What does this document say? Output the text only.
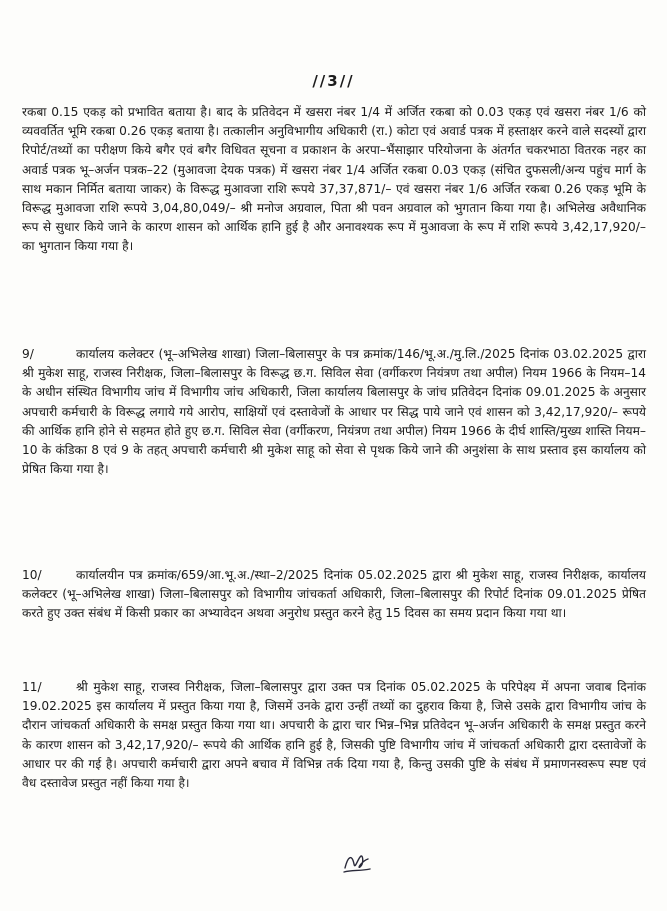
//3//

रकबा 0.15 एकड़ को प्रभावित बताया है। बाद के प्रतिवेदन में खसरा नंबर 1/4 में अर्जित रकबा को 0.03 एकड़ एवं खसरा नंबर 1/6 को व्यववर्तित भूमि रकबा 0.26 एकड़ बताया है। तत्कालीन अनुविभागीय अधिकारी (रा.) कोटा एवं अवार्ड पत्रक में हस्ताक्षर करने वाले सदस्यों द्वारा रिपोर्ट/तथ्यों का परीक्षण किये बगैर एवं बगैर विधिवत सूचना व प्रकाशन के अरपा–भैंसाझार परियोजना के अंतर्गत चकरभाठा वितरक नहर का अवार्ड पत्रक भू–अर्जन पत्रक–22 (मुआवजा देयक पत्रक) में खसरा नंबर 1/4 अर्जित रकबा 0.03 एकड़ (संचित दुफसली/अन्य पहुंच मार्ग के साथ मकान निर्मित बताया जाकर) के विरूद्ध मुआवजा राशि रूपये 37,37,871/– एवं खसरा नंबर 1/6 अर्जित रकबा 0.26 एकड़ भूमि के विरूद्ध मुआवजा राशि रूपये 3,04,80,049/– श्री मनोज अग्रवाल, पिता श्री पवन अग्रवाल को भुगतान किया गया है। अभिलेख अवैधानिक रूप से सुधार किये जाने के कारण शासन को आर्थिक हानि हुई है और अनावश्यक रूप में मुआवजा के रूप में राशि रूपये 3,42,17,920/– का भुगतान किया गया है।

9/	कार्यालय कलेक्टर (भू–अभिलेख शाखा) जिला–बिलासपुर के पत्र क्रमांक/146/भू.अ./मु.लि./2025 दिनांक 03.02.2025 द्वारा श्री मुकेश साहू, राजस्व निरीक्षक, जिला–बिलासपुर के विरूद्ध छ.ग. सिविल सेवा (वर्गीकरण नियंत्रण तथा अपील) नियम 1966 के नियम–14 के अधीन संस्थित विभागीय जांच में विभागीय जांच अधिकारी, जिला कार्यालय बिलासपुर के जांच प्रतिवेदन दिनांक 09.01.2025 के अनुसार अपचारी कर्मचारी के विरूद्ध लगाये गये आरोप, साक्षियों एवं दस्तावेजों के आधार पर सिद्ध पाये जाने एवं शासन को 3,42,17,920/– रूपये की आर्थिक हानि होने से सहमत होते हुए छ.ग. सिविल सेवा (वर्गीकरण, नियंत्रण तथा अपील) नियम 1966 के दीर्घ शास्ति/मुख्य शास्ति नियम–10 के कंडिका 8 एवं 9 के तहत् अपचारी कर्मचारी श्री मुकेश साहू को सेवा से पृथक किये जाने की अनुशंसा के साथ प्रस्ताव इस कार्यालय को प्रेषित किया गया है।

10/	कार्यालयीन पत्र क्रमांक/659/आ.भू.अ./स्था–2/2025 दिनांक 05.02.2025 द्वारा श्री मुकेश साहू, राजस्व निरीक्षक, कार्यालय कलेक्टर (भू–अभिलेख शाखा) जिला–बिलासपुर को विभागीय जांचकर्ता अधिकारी, जिला–बिलासपुर की रिपोर्ट दिनांक 09.01.2025 प्रेषित करते हुए उक्त संबंध में किसी प्रकार का अभ्यावेदन अथवा अनुरोध प्रस्तुत करने हेतु 15 दिवस का समय प्रदान किया गया था।

11/	श्री मुकेश साहू, राजस्व निरीक्षक, जिला–बिलासपुर द्वारा उक्त पत्र दिनांक 05.02.2025 के परिपेक्ष्य में अपना जवाब दिनांक 19.02.2025 इस कार्यालय में प्रस्तुत किया गया है, जिसमें उनके द्वारा उन्हीं तथ्यों का दुहराव किया है, जिसे उसके द्वारा विभागीय जांच के दौरान जांचकर्ता अधिकारी के समक्ष प्रस्तुत किया गया था। अपचारी के द्वारा चार भिन्न–भिन्न प्रतिवेदन भू–अर्जन अधिकारी के समक्ष प्रस्तुत करने के कारण शासन को 3,42,17,920/– रूपये की आर्थिक हानि हुई है, जिसकी पुष्टि विभागीय जांच में जांचकर्ता अधिकारी द्वारा दस्तावेजों के आधार पर की गई है। अपचारी कर्मचारी द्वारा अपने बचाव में विभिन्न तर्क दिया गया है, किन्तु उसकी पुष्टि के संबंध में प्रमाणनस्वरूप स्पष्ट एवं वैध दस्तावेज प्रस्तुत नहीं किया गया है।
